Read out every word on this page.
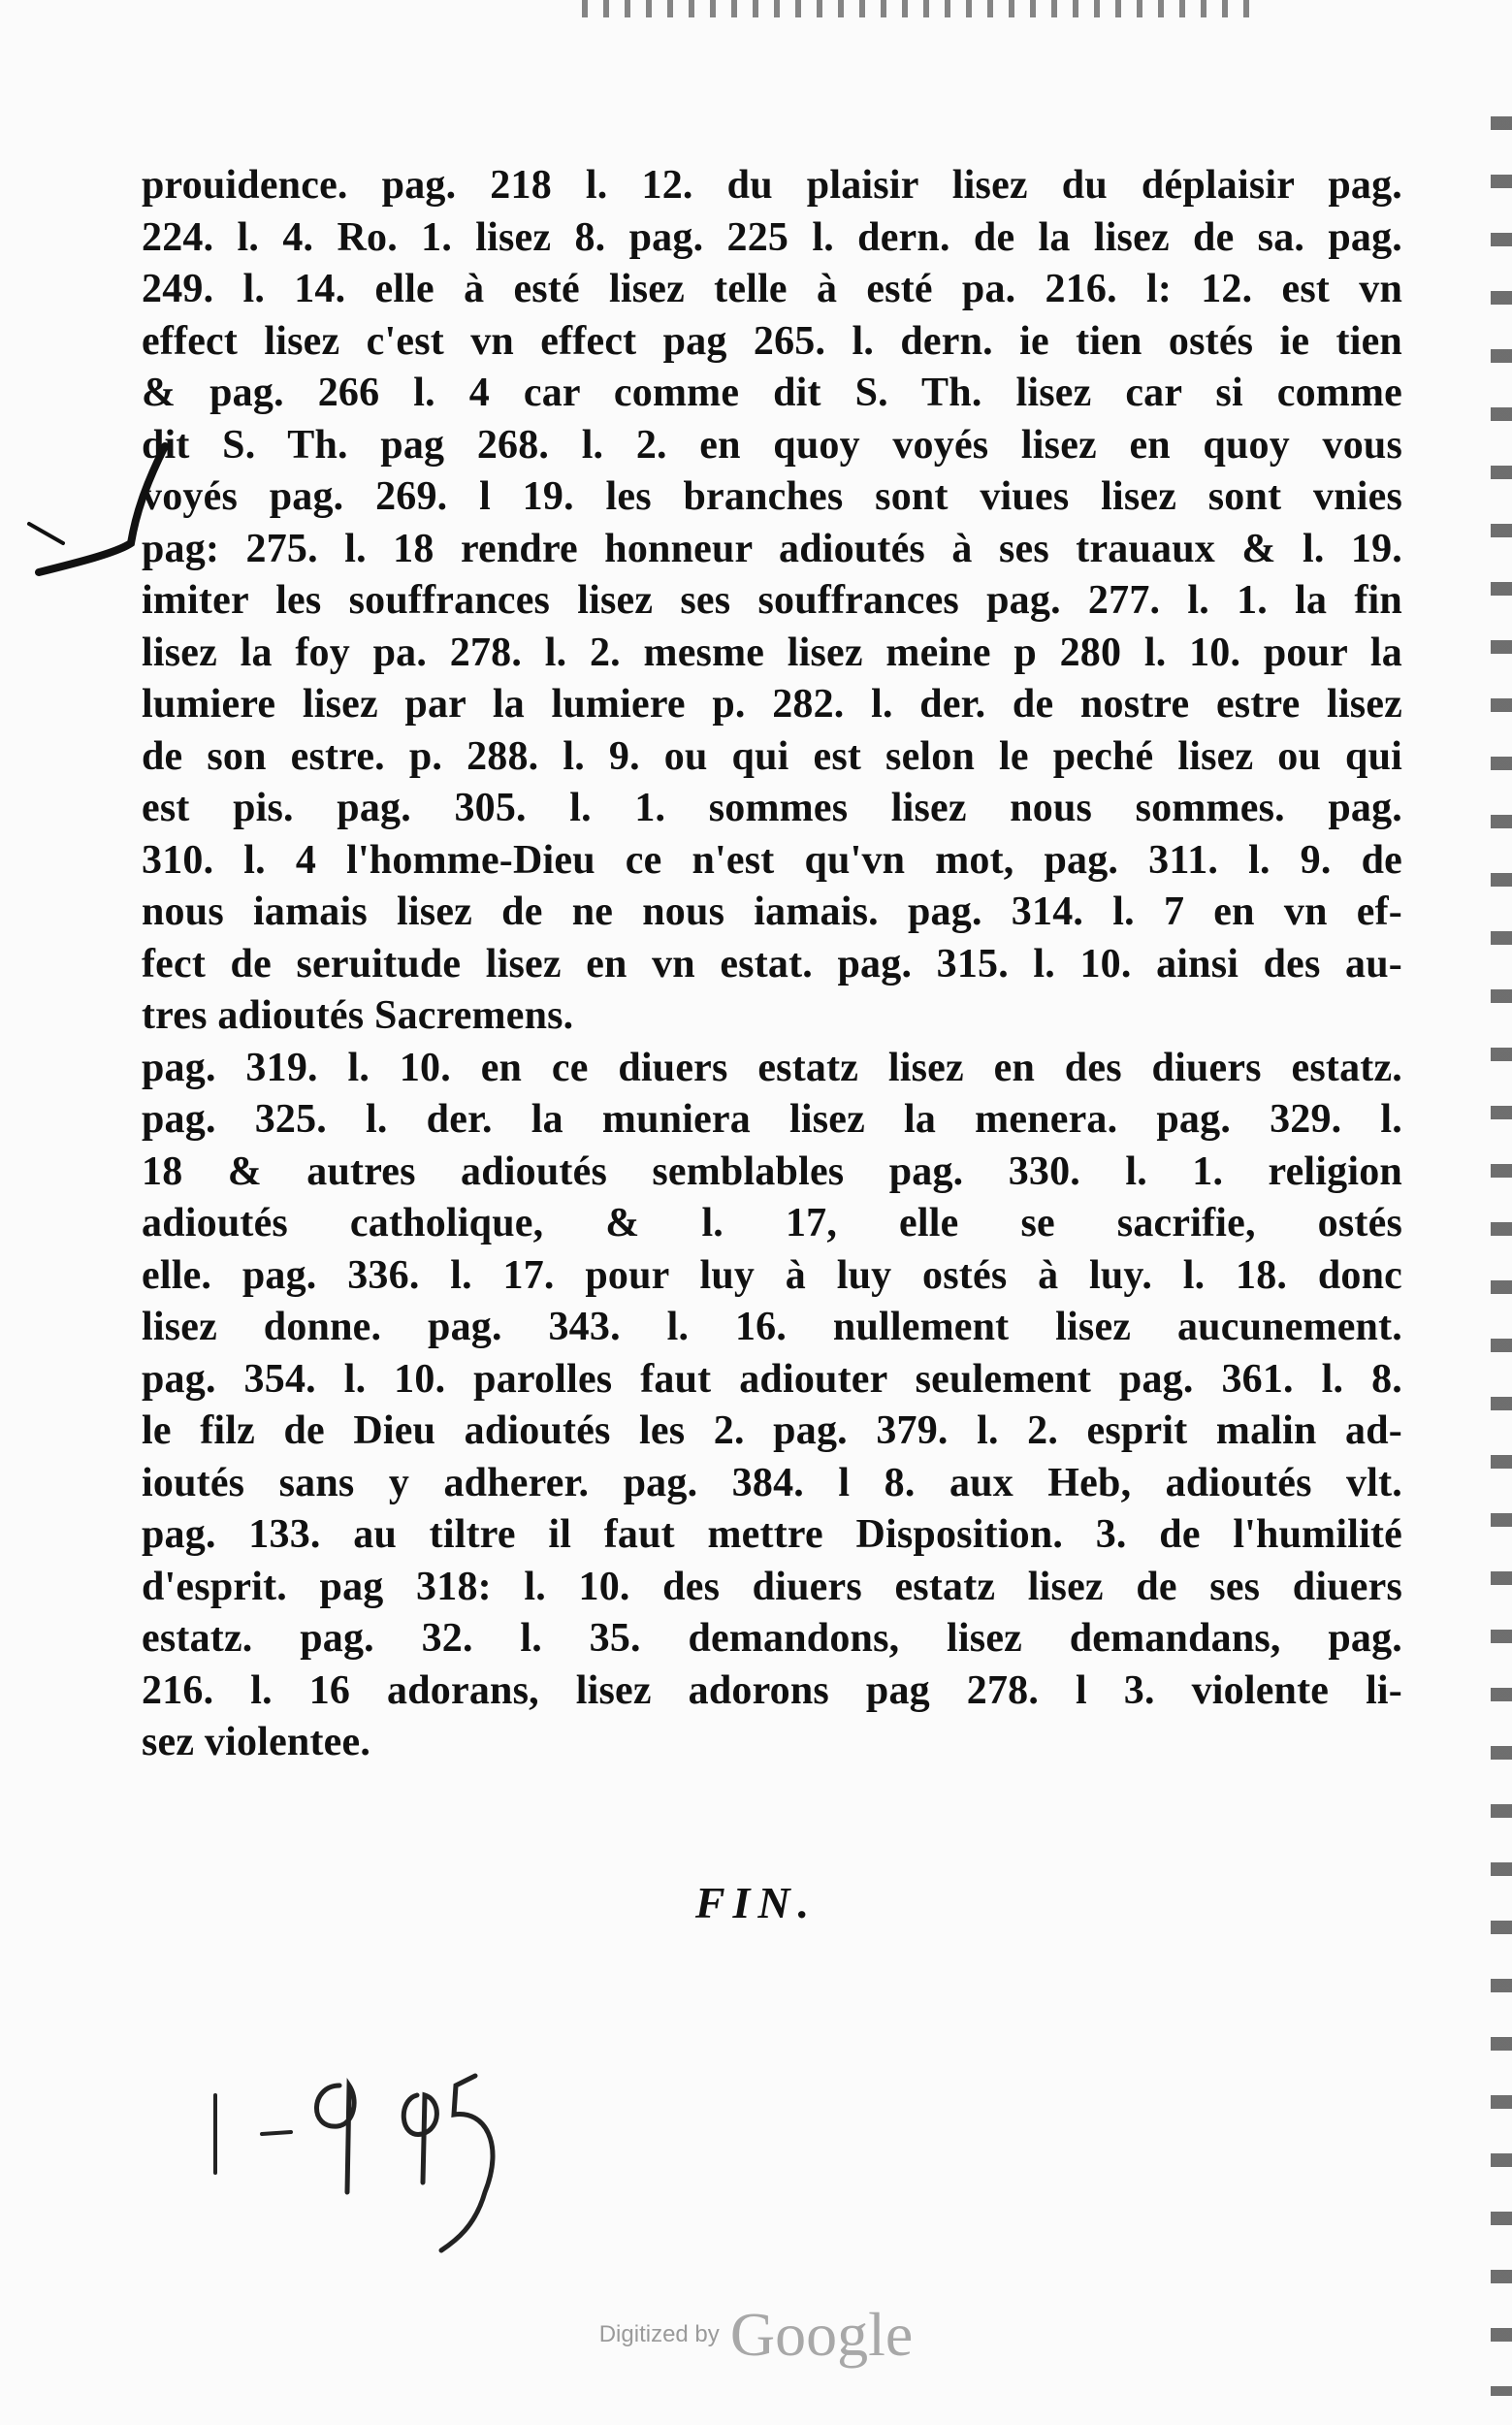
prouidence. pag. 218 l. 12. du plaisir lisez du déplaisir pag.
224. l. 4. Ro. 1. lisez 8. pag. 225 l. dern. de la lisez de sa. pag.
249. l. 14. elle à esté lisez telle à esté pa. 216. l: 12. est vn
effect lisez c'est vn effect pag 265. l. dern. ie tien ostés ie tien
& pag. 266 l. 4 car comme dit S. Th. lisez car si comme
dit S. Th. pag 268. l. 2. en quoy voyés lisez en quoy vous
voyés pag. 269. l 19. les branches sont viues lisez sont vnies
pag: 275. l. 18 rendre honneur adioutés à ses trauaux & l. 19.
imiter les souffrances lisez ses souffrances pag. 277. l. 1. la fin
lisez la foy pa. 278. l. 2. mesme lisez meine p 280 l. 10. pour la
lumiere lisez par la lumiere p. 282. l. der. de nostre estre lisez
de son estre. p. 288. l. 9. ou qui est selon le peché lisez ou qui
est pis. pag. 305. l. 1. sommes lisez nous sommes. pag.
310. l. 4 l'homme-Dieu ce n'est qu'vn mot, pag. 311. l. 9. de
nous iamais lisez de ne nous iamais. pag. 314. l. 7 en vn ef-
fect de seruitude lisez en vn estat. pag. 315. l. 10. ainsi des au-
tres adioutés Sacremens.
pag. 319. l. 10. en ce diuers estatz lisez en des diuers estatz.
pag. 325. l. der. la muniera lisez la menera. pag. 329. l.
18 & autres adioutés semblables pag. 330. l. 1. religion
adioutés catholique, & l. 17, elle se sacrifie, ostés
elle. pag. 336. l. 17. pour luy à luy ostés à luy. l. 18. donc
lisez donne. pag. 343. l. 16. nullement lisez aucunement.
pag. 354. l. 10. parolles faut adiouter seulement pag. 361. l. 8.
le filz de Dieu adioutés les 2. pag. 379. l. 2. esprit malin ad-
ioutés sans y adherer. pag. 384. l 8. aux Heb, adioutés vlt.
pag. 133. au tiltre il faut mettre Disposition. 3. de l'humilité
d'esprit. pag 318: l. 10. des diuers estatz lisez de ses diuers
estatz. pag. 32. l. 35. demandons, lisez demandans, pag.
216. l. 16 adorans, lisez adorons pag 278. l 3. violente li-
sez violentee.
FIN.
Digitized by Google
